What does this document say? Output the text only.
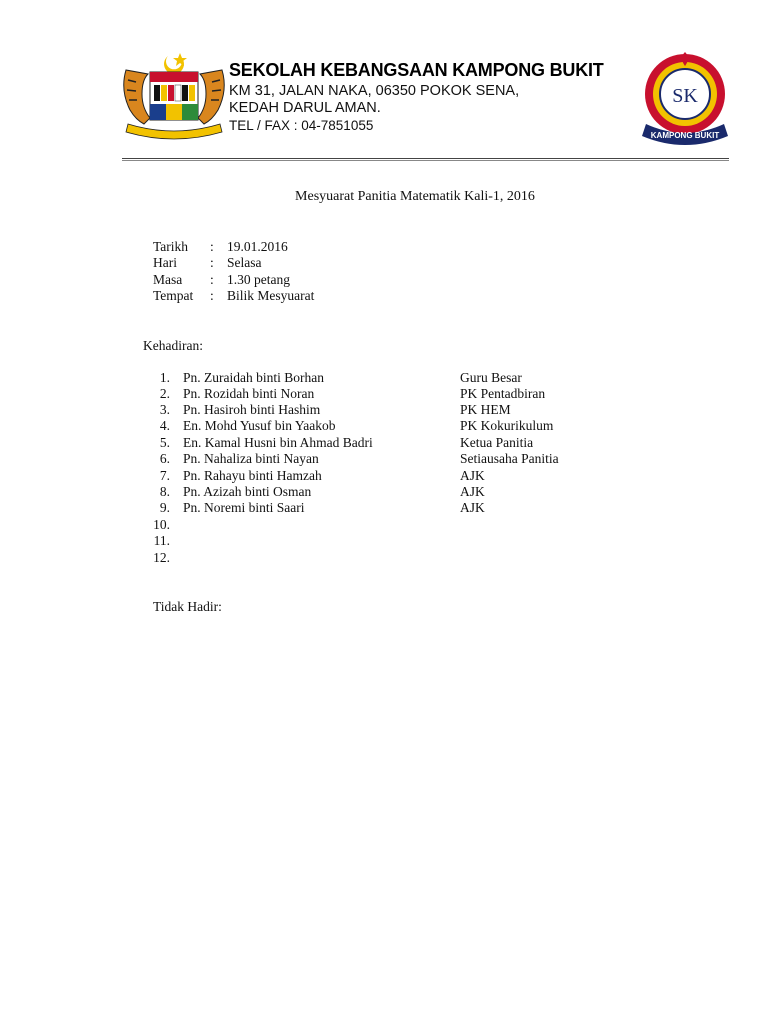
SK
KAMPONG BUKIT
SEKOLAH KEBANGSAAN KAMPONG BUKIT
KM 31, JALAN NAKA, 06350 POKOK SENA,
KEDAH DARUL AMAN.
TEL / FAX : 04-7851055
Mesyuarat Panitia Matematik Kali-1, 2016
Tarikh : 19.01.2016
Hari : Selasa
Masa : 1.30 petang
Tempat : Bilik Mesyuarat
Kehadiran:
1. Pn. Zuraidah binti Borhan	Guru Besar
2. Pn. Rozidah binti Noran	PK Pentadbiran
3. Pn. Hasiroh binti Hashim	PK HEM
4. En. Mohd Yusuf bin Yaakob	PK Kokurikulum
5. En. Kamal Husni bin Ahmad Badri	Ketua Panitia
6. Pn. Nahaliza binti Nayan	Setiausaha Panitia
7. Pn. Rahayu binti Hamzah	AJK
8. Pn. Azizah binti Osman	AJK
9. Pn. Noremi binti Saari	AJK
10.
11.
12.
Tidak Hadir:
